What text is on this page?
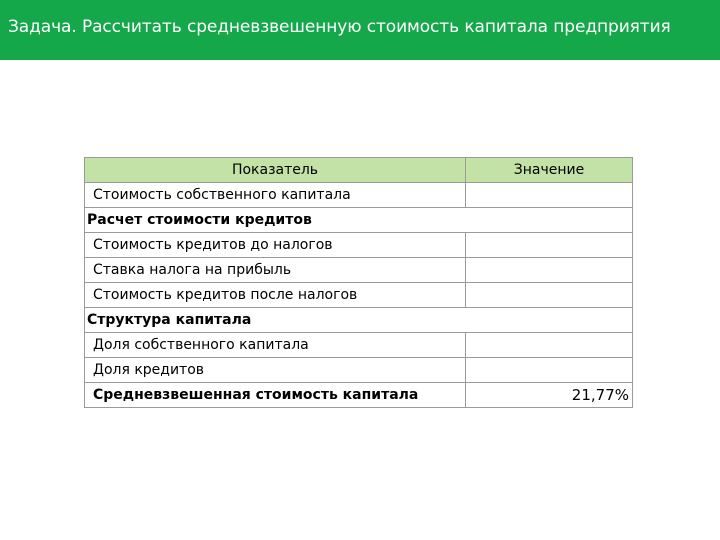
Задача. Рассчитать средневзвешенную стоимость капитала предприятия
Показатель	Значение
Стоимость собственного капитала	
Расчет стоимости кредитов	
Стоимость кредитов до налогов	
Ставка налога на прибыль	
Стоимость кредитов после налогов	
Структура капитала	
Доля собственного капитала	
Доля кредитов	
Средневзвешенная стоимость капитала	21,77%
